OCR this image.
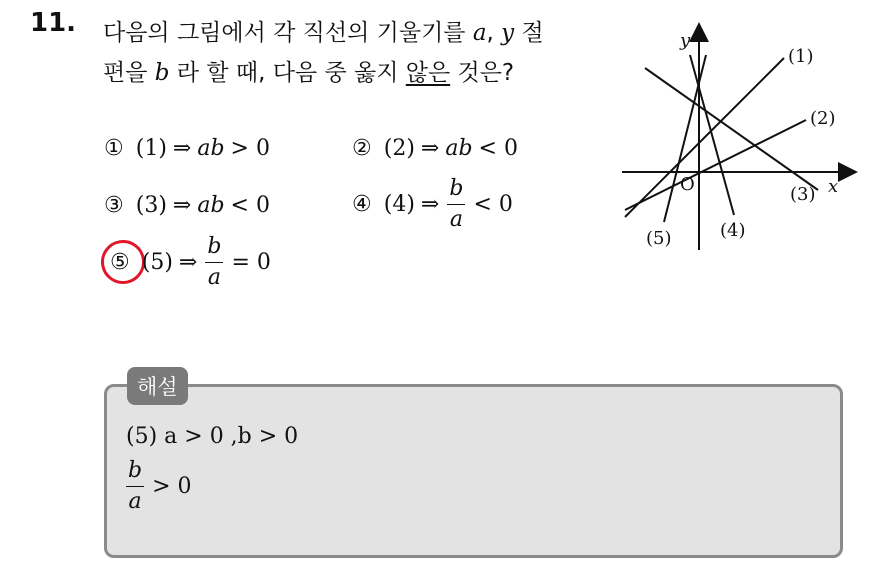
11. 다음의 그림에서 각 직선의 기울기를 a, y 절
편을 b 라 할 때, 다음 중 옳지 않은 것은?
① (1) ⇒ ab > 0	② (2) ⇒ ab < 0
③ (3) ⇒ ab < 0	④ (4) ⇒ $\frac{b}{a} < 0$
⑤ (5) ⇒ $\frac{b}{a} = 0$
y
x
O
(1)
(2)
(3)
(4)
(5)
해설
(5) a > 0 ,b > 0
$\frac{b}{a} > 0$
